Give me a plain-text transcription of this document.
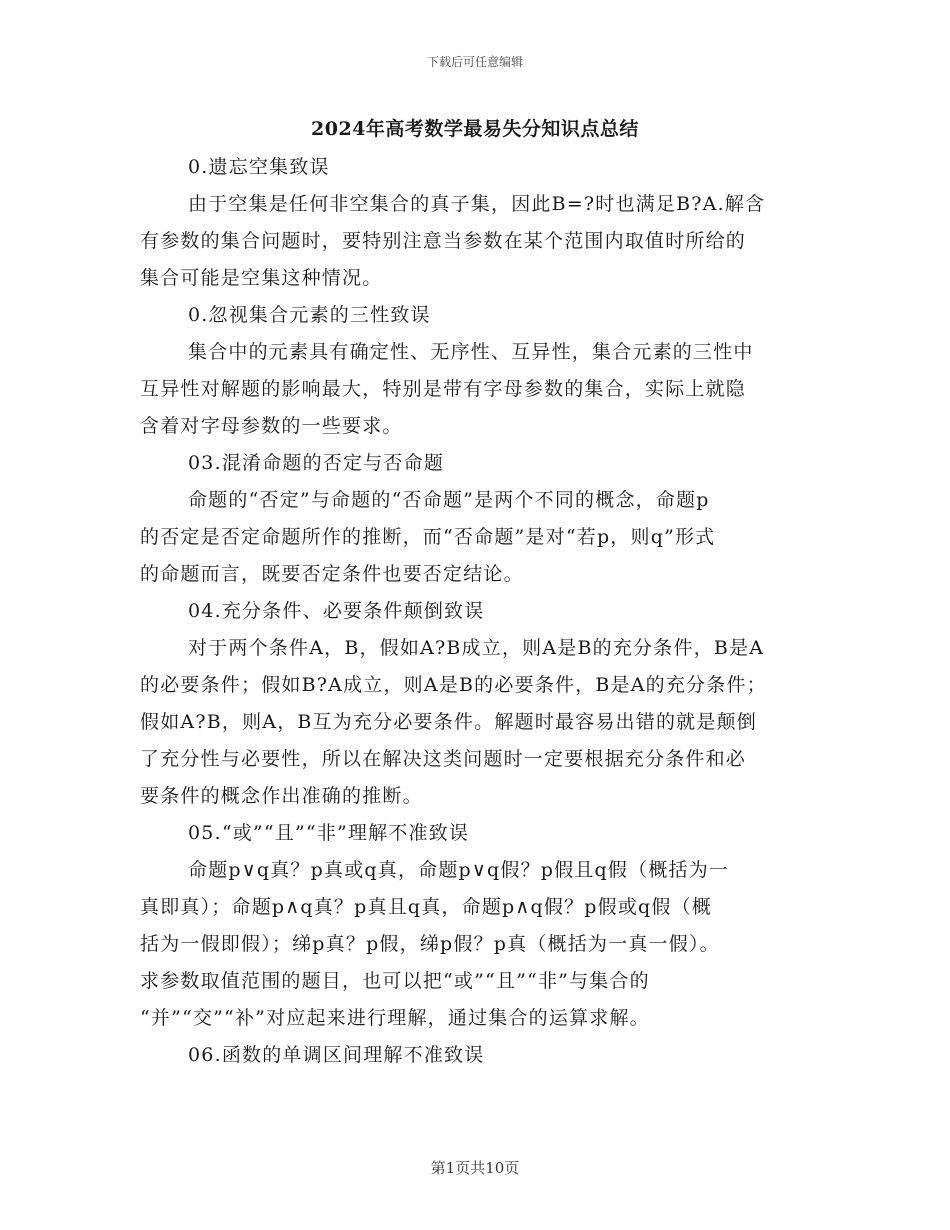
下载后可任意编辑
2024年高考数学最易失分知识点总结
0.遗忘空集致误
由于空集是任何非空集合的真子集，因此B=?时也满足B?A.解含
有参数的集合问题时，要特别注意当参数在某个范围内取值时所给的
集合可能是空集这种情况。
0.忽视集合元素的三性致误
集合中的元素具有确定性、无序性、互异性，集合元素的三性中
互异性对解题的影响最大，特别是带有字母参数的集合，实际上就隐
含着对字母参数的一些要求。
03.混淆命题的否定与否命题
命题的“否定”与命题的“否命题”是两个不同的概念，命题p
的否定是否定命题所作的推断，而“否命题”是对“若p，则q”形式
的命题而言，既要否定条件也要否定结论。
04.充分条件、必要条件颠倒致误
对于两个条件A，B，假如A?B成立，则A是B的充分条件，B是A
的必要条件；假如B?A成立，则A是B的必要条件，B是A的充分条件；
假如A?B，则A，B互为充分必要条件。解题时最容易出错的就是颠倒
了充分性与必要性，所以在解决这类问题时一定要根据充分条件和必
要条件的概念作出准确的推断。
05.“或”“且”“非”理解不准致误
命题p∨q真？p真或q真，命题p∨q假？p假且q假（概括为一
真即真）；命题p∧q真？p真且q真，命题p∧q假？p假或q假（概
括为一假即假）；绨p真？p假，绨p假？p真（概括为一真一假）。
求参数取值范围的题目，也可以把“或”“且”“非”与集合的
“并”“交”“补”对应起来进行理解，通过集合的运算求解。
06.函数的单调区间理解不准致误
第1页共10页
